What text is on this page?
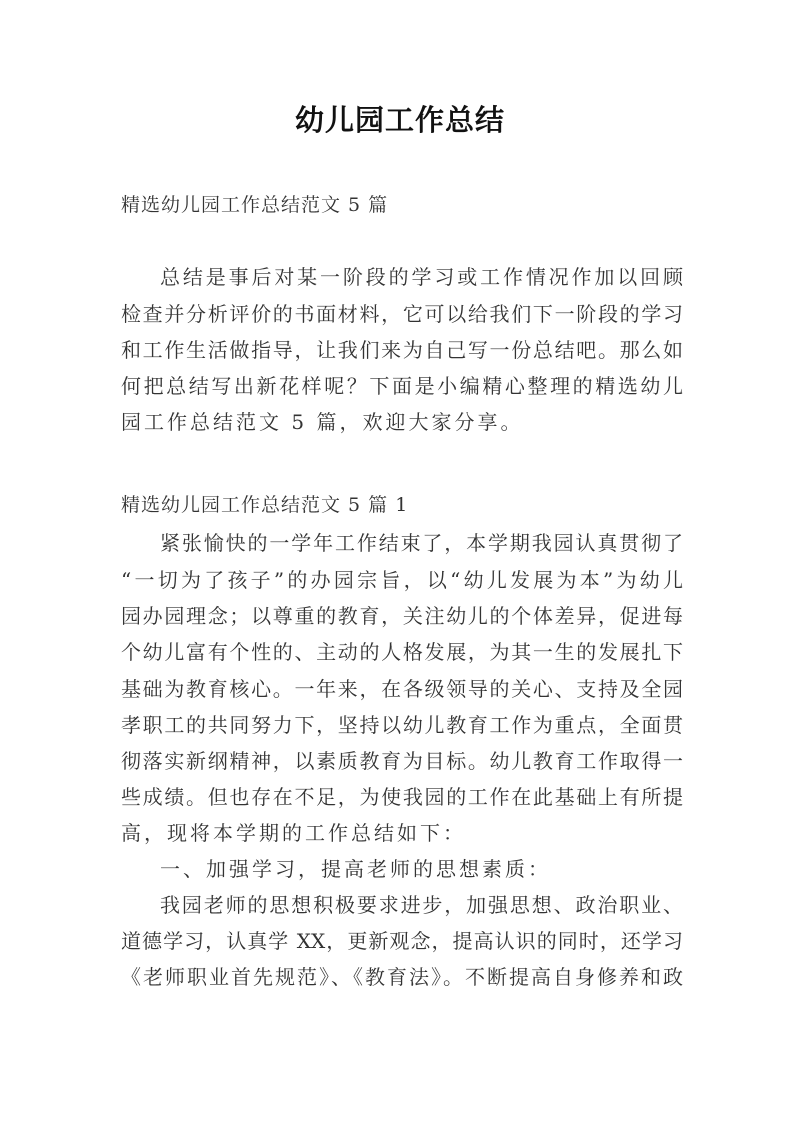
幼儿园工作总结
精选幼儿园工作总结范文 5 篇
总结是事后对某一阶段的学习或工作情况作加以回顾
检查并分析评价的书面材料，它可以给我们下一阶段的学习
和工作生活做指导，让我们来为自己写一份总结吧。那么如
何把总结写出新花样呢？下面是小编精心整理的精选幼儿
园工作总结范文 5 篇，欢迎大家分享。
精选幼儿园工作总结范文 5 篇 1
紧张愉快的一学年工作结束了，本学期我园认真贯彻了
“一切为了孩子”的办园宗旨，以“幼儿发展为本”为幼儿
园办园理念；以尊重的教育，关注幼儿的个体差异，促进每
个幼儿富有个性的、主动的人格发展，为其一生的发展扎下
基础为教育核心。一年来，在各级领导的关心、支持及全园
孝职工的共同努力下，坚持以幼儿教育工作为重点，全面贯
彻落实新纲精神，以素质教育为目标。幼儿教育工作取得一
些成绩。但也存在不足，为使我园的工作在此基础上有所提
高，现将本学期的工作总结如下：
一、加强学习，提高老师的思想素质：
我园老师的思想积极要求进步，加强思想、政治职业、
道德学习，认真学 XX，更新观念，提高认识的同时，还学习
《老师职业首先规范》、《教育法》。不断提高自身修养和政
